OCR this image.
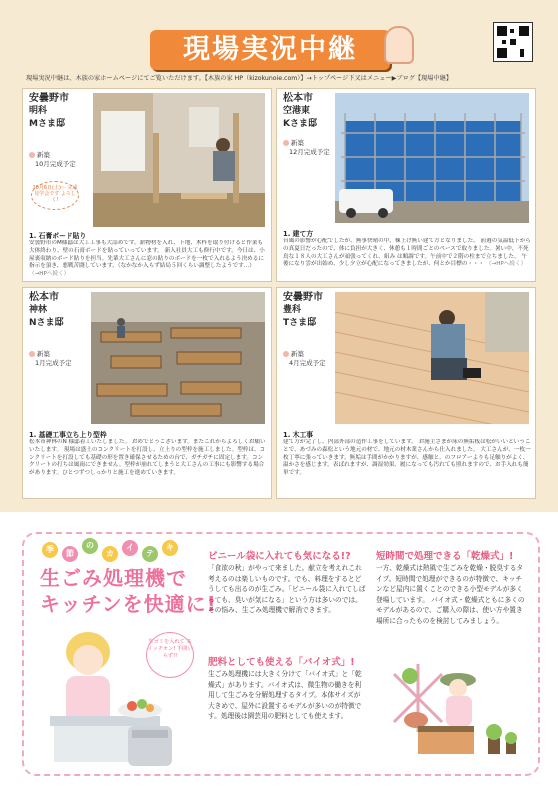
現場実況中継
現場実況中継は、木族の家ホームページにてご覧いただけます。【木族の家 HP（kizokunoie.com）】→トップページ下又はメニュー▶ブログ【現場中継】
安曇野市
明科
Mさま邸
新築
10月完成予定
10月6日(土)～ 完成見学会です よろしく!
1. 石膏ボード貼り
安曇野市のM様邸は大工工事も大詰めです。薪物材を入れ、下地、木枠を取り付けると作業も大体終わり、壁の石膏ボードを貼っていっています。 新入社員大工も修行中です。今日は、小屋裏収納のボード貼りを担当。先輩大工さんに窓の貼りのボードを一枚で入れるよう決めるに指示を頂き、悪戦苦闘しています。（なかなか入らず結局５回くらい調整したようです…） （→HPへ続く）
松本市
空港東
Kさま邸
新築
12月完成予定
1. 建て方
台風の影響が心配でしたが、無事快晴の中、棟上げ無い建て方となりました。 前週の気温低下からの真夏日だったので、体に負担が大きく、休憩も１時間ごとのペースで取りました。暑い中、不死鳥な１８人の大工さんが頑張ってくれ、組み は順調です。午前中で２階の柱まで立ちました。 午後になり雲が出始め、少し夕立が心配になってきましたが、何とか目標の・・・ （→HPへ続く）
松本市
神林
Nさま邸
新築
1月完成予定
1. 基礎工事立ち上り型枠
松本市神林のN 様邸着工いたしました。 おめでとうございます。またこれからよろしくお願いいたします。 現場は盛土のコンクリートを打設し、立上りの型枠を施工しました。型枠は、コンクリートを打設しても基礎の形を置き確保させるための台で、ガチガチに固定します。コンクリートの打ちは風雨にできません。型枠が崩れてしまうと大工さんの工事にも影響する場合があります。ひとつずつしっかりと施工を進めていきます。
安曇野市
豊科
Tさま邸
新築
4月完成予定
1. 木工事
建て方が完了し、内部外部の造作工事をしています。 お施主さまが床の無垢板は松がいいということで、あづみの森松という地元の材で、地元の材木業さんから仕入れました。 大工さんが、一枚一枚丁寧に張っていきます。無垢は手間がかかりますが、感触と、のフロアーよりも足触りがよく、温かさを感じます。表ばれますが、調湿効果、履になっても汚れても照れますので、お手入れも簡単です。
季	節
の
カ
イ
テ
キ
生ごみ処理機で
キッチンを快適に!
生ゴミを入れて スイッチオン! 手間いらず!!
ビニール袋に入れても気になる!?
「食欲の秋」がやって来ました。献立を考えれこれ考えるのは楽しいものです。でも、料理をするとどうしても出るのが生ごみ。「ビニール袋に入れてしばっても、臭いが気になる」という方は多いのでは。その悩み、生ごみ処理機で解消できます。
肥料としても使える「バイオ式」!
生ごみ処理機には大きく分けて「バイオ式」と「乾燥式」があります。バイオ式は、微生物の働きを利用して生ごみを分解処理するタイプ。本体サイズが大きめで、屋外に設置するモデルが多いのが特徴です。処理後は園芸用の肥料としても使えます。
短時間で処理できる「乾燥式」!
一方、乾燥式は熱風で生ごみを乾燥・脱臭するタイプ。短時間で処理ができるのが特徴で、キッチンなど屋内に置くことのできる小型モデルが多く登場しています。 バイオ式・乾燥式ともに多くのモデルがあるので、ご購入の際は、使い方や置き場所に合ったものを検討してみましょう。
